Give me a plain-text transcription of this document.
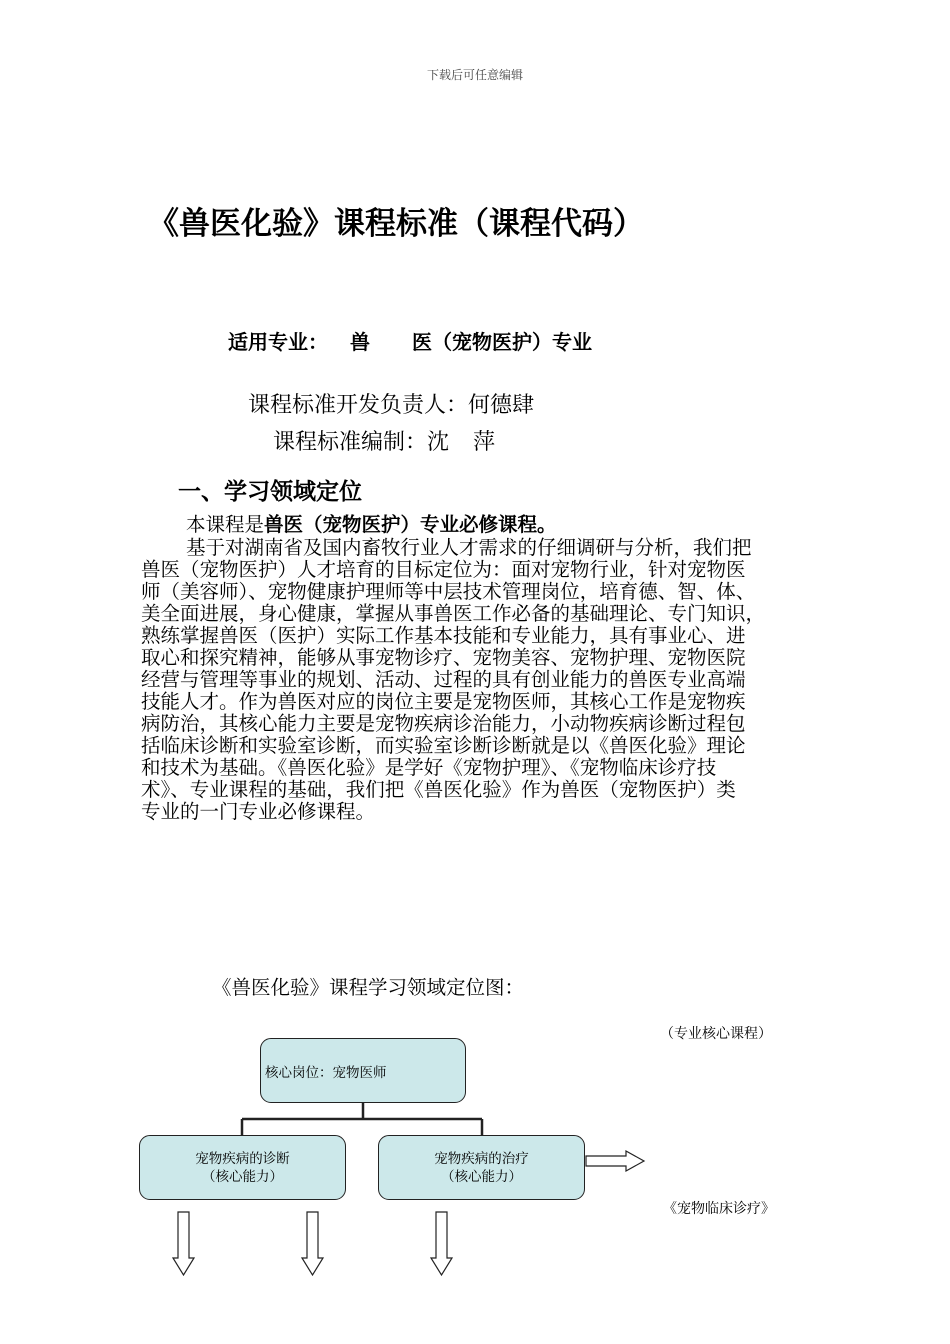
下载后可任意编辑
《兽医化验》课程标准（课程代码）
适用专业： 兽 医（宠物医护）专业
课程标准开发负责人：何德肆
课程标准编制：沈 萍
一、学习领域定位
本课程是兽医（宠物医护）专业必修课程。
基于对湖南省及国内畜牧行业人才需求的仔细调研与分析，我们把
兽医（宠物医护）人才培育的目标定位为：面对宠物行业，针对宠物医
师（美容师）、宠物健康护理师等中层技术管理岗位，培育德、智、体、
美全面进展，身心健康，掌握从事兽医工作必备的基础理论、专门知识，
熟练掌握兽医（医护）实际工作基本技能和专业能力，具有事业心、进
取心和探究精神，能够从事宠物诊疗、宠物美容、宠物护理、宠物医院
经营与管理等事业的规划、活动、过程的具有创业能力的兽医专业高端
技能人才。作为兽医对应的岗位主要是宠物医师，其核心工作是宠物疾
病防治，其核心能力主要是宠物疾病诊治能力，小动物疾病诊断过程包
括临床诊断和实验室诊断，而实验室诊断诊断就是以《兽医化验》理论
和技术为基础。《兽医化验》是学好《宠物护理》、《宠物临床诊疗技
术》、专业课程的基础，我们把《兽医化验》作为兽医（宠物医护）类
专业的一门专业必修课程。
《兽医化验》课程学习领域定位图：
（专业核心课程）
《宠物临床诊疗》
核心岗位：宠物医师
宠物疾病的诊断
（核心能力）
宠物疾病的治疗
（核心能力）
